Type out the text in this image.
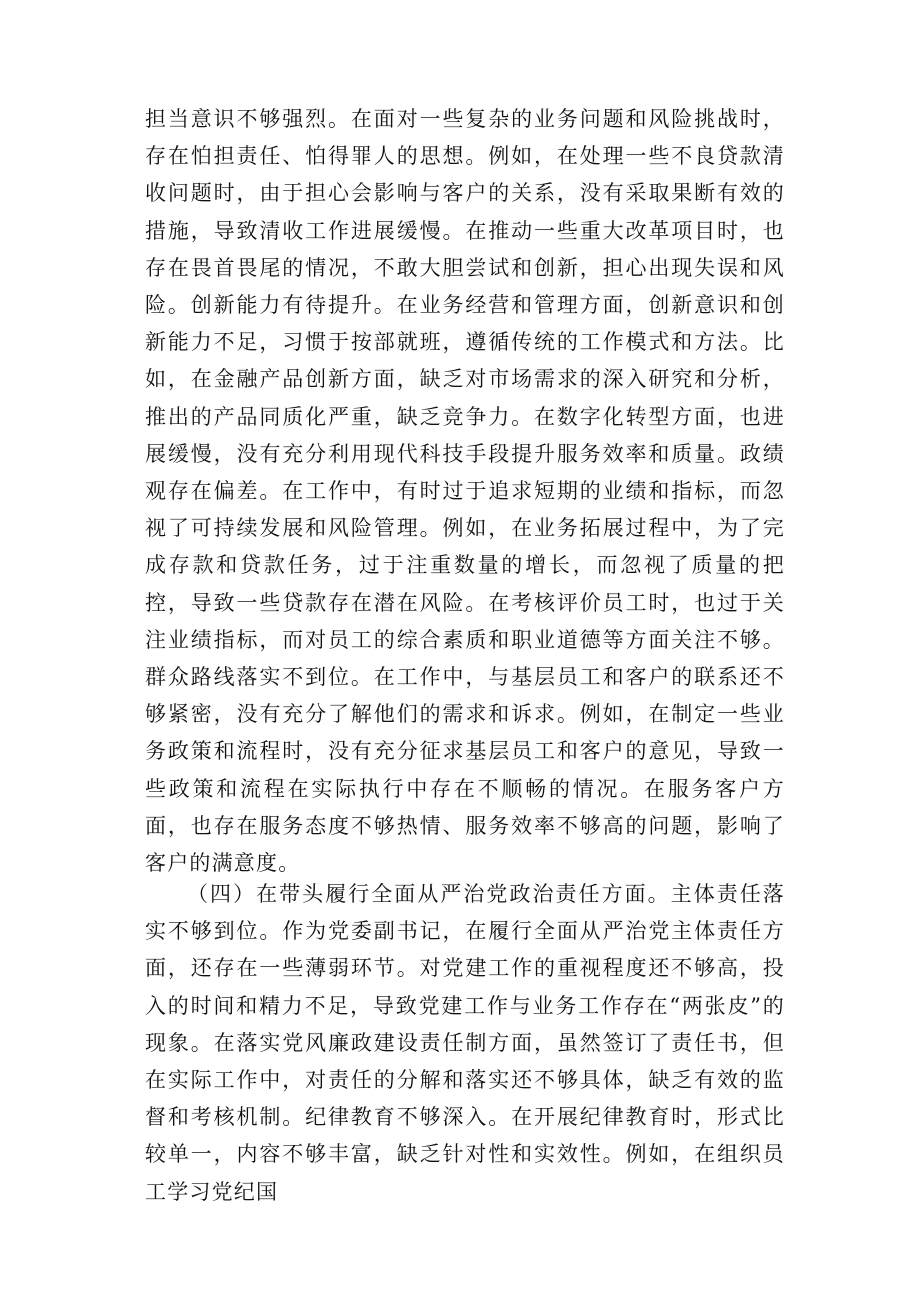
担当意识不够强烈。在面对一些复杂的业务问题和风险挑战时，存在怕担责任、怕得罪人的思想。例如，在处理一些不良贷款清收问题时，由于担心会影响与客户的关系，没有采取果断有效的措施，导致清收工作进展缓慢。在推动一些重大改革项目时，也存在畏首畏尾的情况，不敢大胆尝试和创新，担心出现失误和风险。创新能力有待提升。在业务经营和管理方面，创新意识和创新能力不足，习惯于按部就班，遵循传统的工作模式和方法。比如，在金融产品创新方面，缺乏对市场需求的深入研究和分析，推出的产品同质化严重，缺乏竞争力。在数字化转型方面，也进展缓慢，没有充分利用现代科技手段提升服务效率和质量。政绩观存在偏差。在工作中，有时过于追求短期的业绩和指标，而忽视了可持续发展和风险管理。例如，在业务拓展过程中，为了完成存款和贷款任务，过于注重数量的增长，而忽视了质量的把控，导致一些贷款存在潜在风险。在考核评价员工时，也过于关注业绩指标，而对员工的综合素质和职业道德等方面关注不够。群众路线落实不到位。在工作中，与基层员工和客户的联系还不够紧密，没有充分了解他们的需求和诉求。例如，在制定一些业务政策和流程时，没有充分征求基层员工和客户的意见，导致一些政策和流程在实际执行中存在不顺畅的情况。在服务客户方面，也存在服务态度不够热情、服务效率不够高的问题，影响了客户的满意度。

（四）在带头履行全面从严治党政治责任方面。主体责任落实不够到位。作为党委副书记，在履行全面从严治党主体责任方面，还存在一些薄弱环节。对党建工作的重视程度还不够高，投入的时间和精力不足，导致党建工作与业务工作存在“两张皮”的现象。在落实党风廉政建设责任制方面，虽然签订了责任书，但在实际工作中，对责任的分解和落实还不够具体，缺乏有效的监督和考核机制。纪律教育不够深入。在开展纪律教育时，形式比较单一，内容不够丰富，缺乏针对性和实效性。例如，在组织员工学习党纪国
